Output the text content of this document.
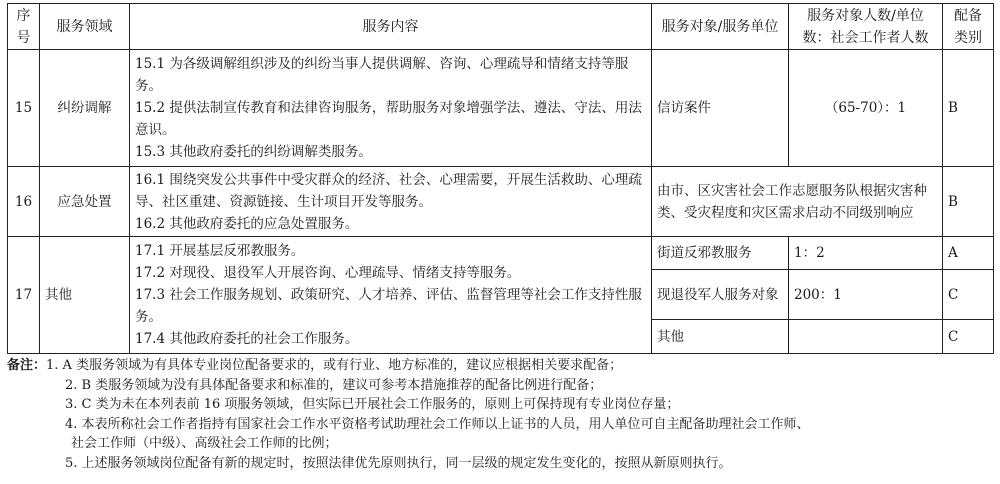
序号	服务领域	服务内容	服务对象/服务单位	服务对象人数/单位数：社会工作者人数	配备类别
15	纠纷调解	15.1 为各级调解组织涉及的纠纷当事人提供调解、咨询、心理疏导和情绪支持等服务。
15.2 提供法制宣传教育和法律咨询服务，帮助服务对象增强学法、遵法、守法、用法意识。
15.3 其他政府委托的纠纷调解类服务。	信访案件	（65-70）：1	B
16	应急处置	16.1 围绕突发公共事件中受灾群众的经济、社会、心理需要，开展生活救助、心理疏导、社区重建、资源链接、生计项目开发等服务。
16.2 其他政府委托的应急处置服务。	由市、区灾害社会工作志愿服务队根据灾害种类、受灾程度和灾区需求启动不同级别响应		B
17	其他	17.1 开展基层反邪教服务。
17.2 对现役、退役军人开展咨询、心理疏导、情绪支持等服务。
17.3 社会工作服务规划、政策研究、人才培养、评估、监督管理等社会工作支持性服务。
17.4 其他政府委托的社会工作服务。	街道反邪教服务	1：2	A
			现退役军人服务对象	200：1	C
			其他		C
备注：1. A 类服务领域为有具体专业岗位配备要求的，或有行业、地方标准的，建议应根据相关要求配备；
2. B 类服务领域为没有具体配备要求和标准的，建议可参考本措施推荐的配备比例进行配备；
3. C 类为未在本列表前 16 项服务领域，但实际已开展社会工作服务的，原则上可保持现有专业岗位存量；
4. 本表所称社会工作者指持有国家社会工作水平资格考试助理社会工作师以上证书的人员，用人单位可自主配备助理社会工作师、
社会工作师（中级）、高级社会工作师的比例；
5. 上述服务领域岗位配备有新的规定时，按照法律优先原则执行，同一层级的规定发生变化的，按照从新原则执行。
